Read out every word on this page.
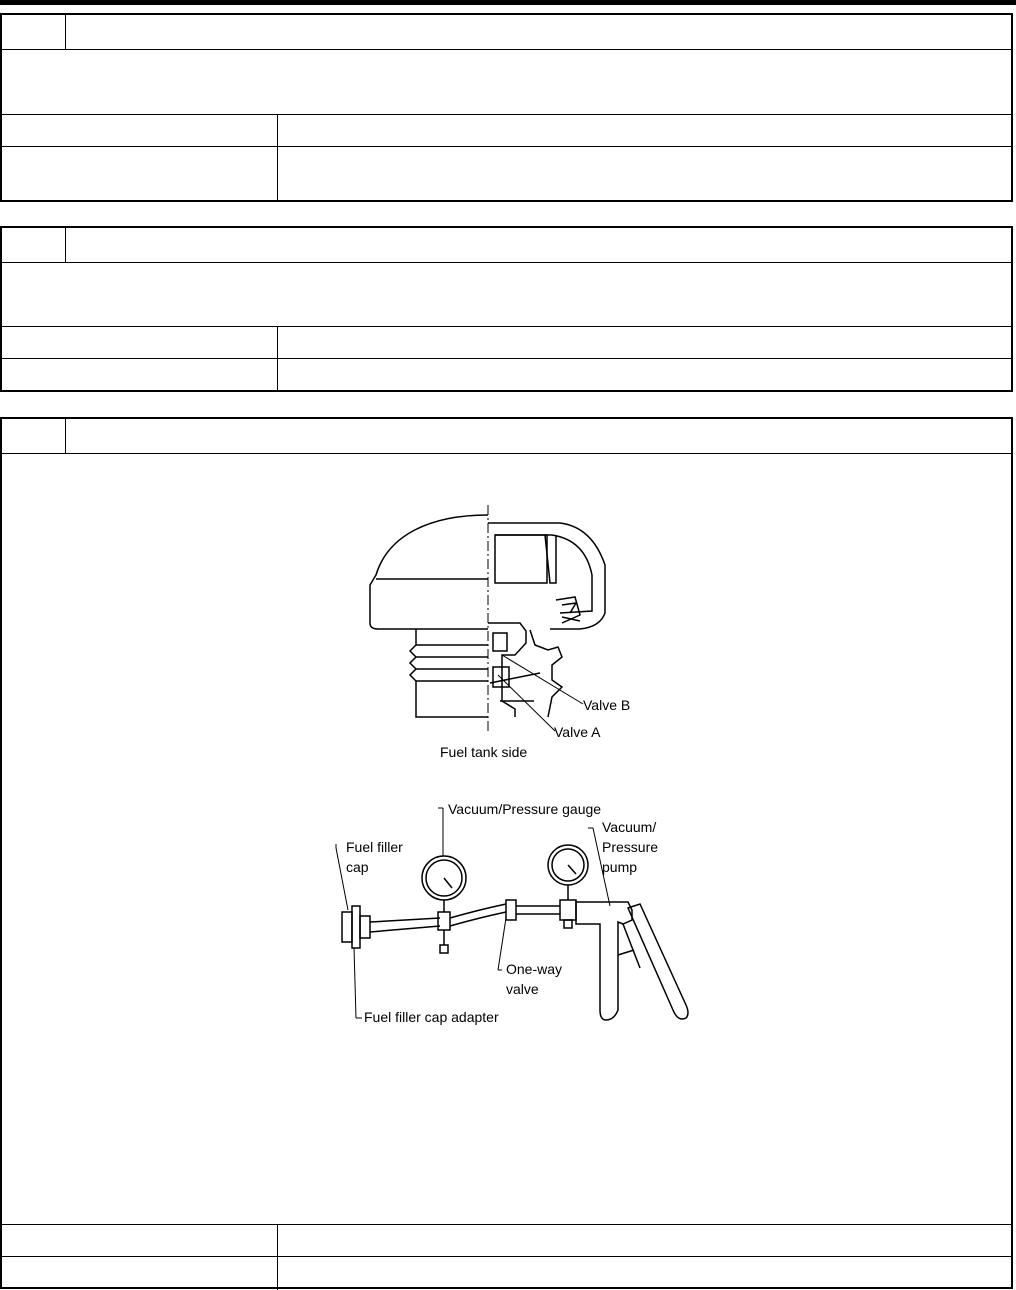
Valve B
Valve A
Fuel tank side
Vacuum/Pressure gauge
Vacuum/
Pressure
pump
Fuel filler
cap
One-way
valve
Fuel filler cap adapter
